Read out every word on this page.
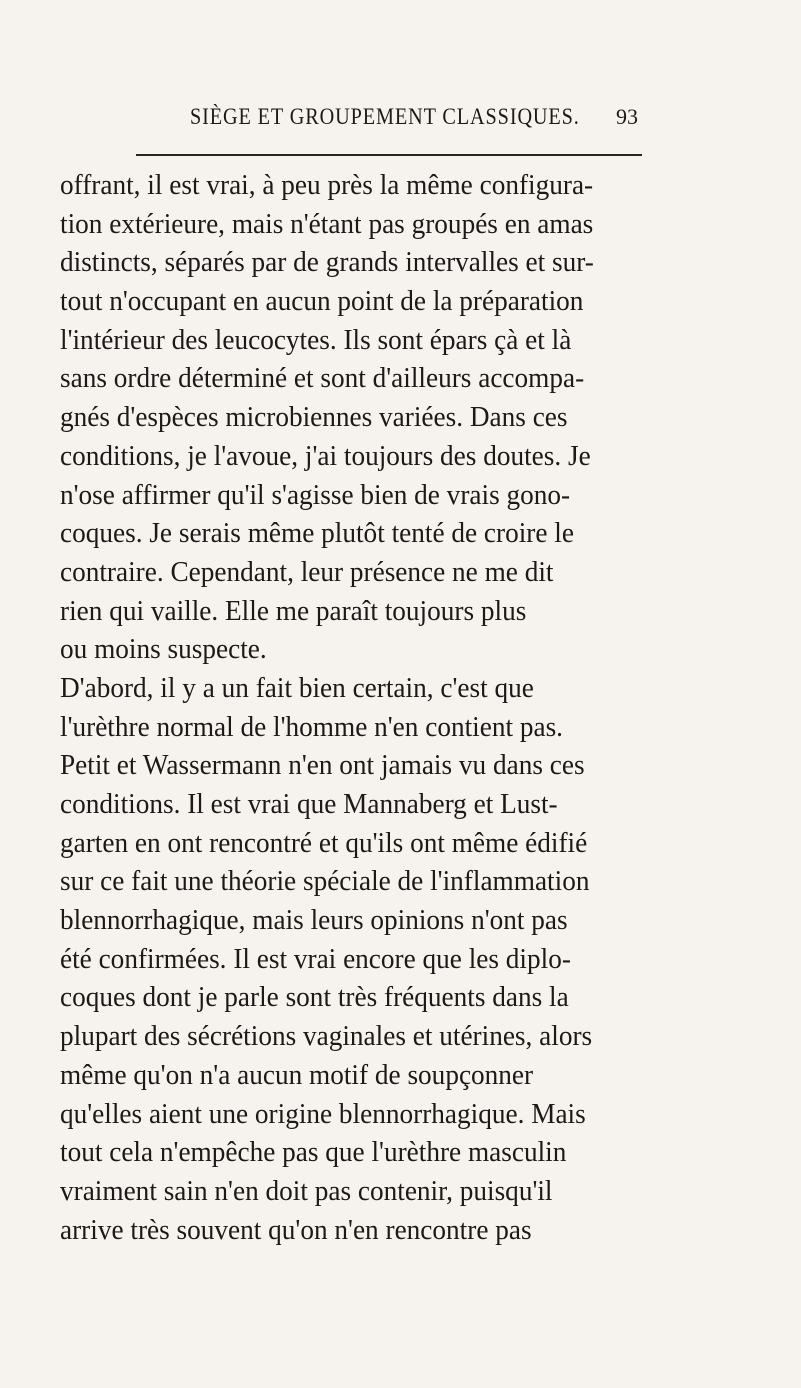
SIÈGE ET GROUPEMENT CLASSIQUES. 93
offrant, il est vrai, à peu près la même configura-
tion extérieure, mais n'étant pas groupés en amas
distincts, séparés par de grands intervalles et sur-
tout n'occupant en aucun point de la préparation
l'intérieur des leucocytes. Ils sont épars çà et là
sans ordre déterminé et sont d'ailleurs accompa-
gnés d'espèces microbiennes variées. Dans ces
conditions, je l'avoue, j'ai toujours des doutes. Je
n'ose affirmer qu'il s'agisse bien de vrais gono-
coques. Je serais même plutôt tenté de croire le
contraire. Cependant, leur présence ne me dit
rien qui vaille. Elle me paraît toujours plus
ou moins suspecte.
D'abord, il y a un fait bien certain, c'est que
l'urèthre normal de l'homme n'en contient pas.
Petit et Wassermann n'en ont jamais vu dans ces
conditions. Il est vrai que Mannaberg et Lust-
garten en ont rencontré et qu'ils ont même édifié
sur ce fait une théorie spéciale de l'inflammation
blennorrhagique, mais leurs opinions n'ont pas
été confirmées. Il est vrai encore que les diplo-
coques dont je parle sont très fréquents dans la
plupart des sécrétions vaginales et utérines, alors
même qu'on n'a aucun motif de soupçonner
qu'elles aient une origine blennorrhagique. Mais
tout cela n'empêche pas que l'urèthre masculin
vraiment sain n'en doit pas contenir, puisqu'il
arrive très souvent qu'on n'en rencontre pas
